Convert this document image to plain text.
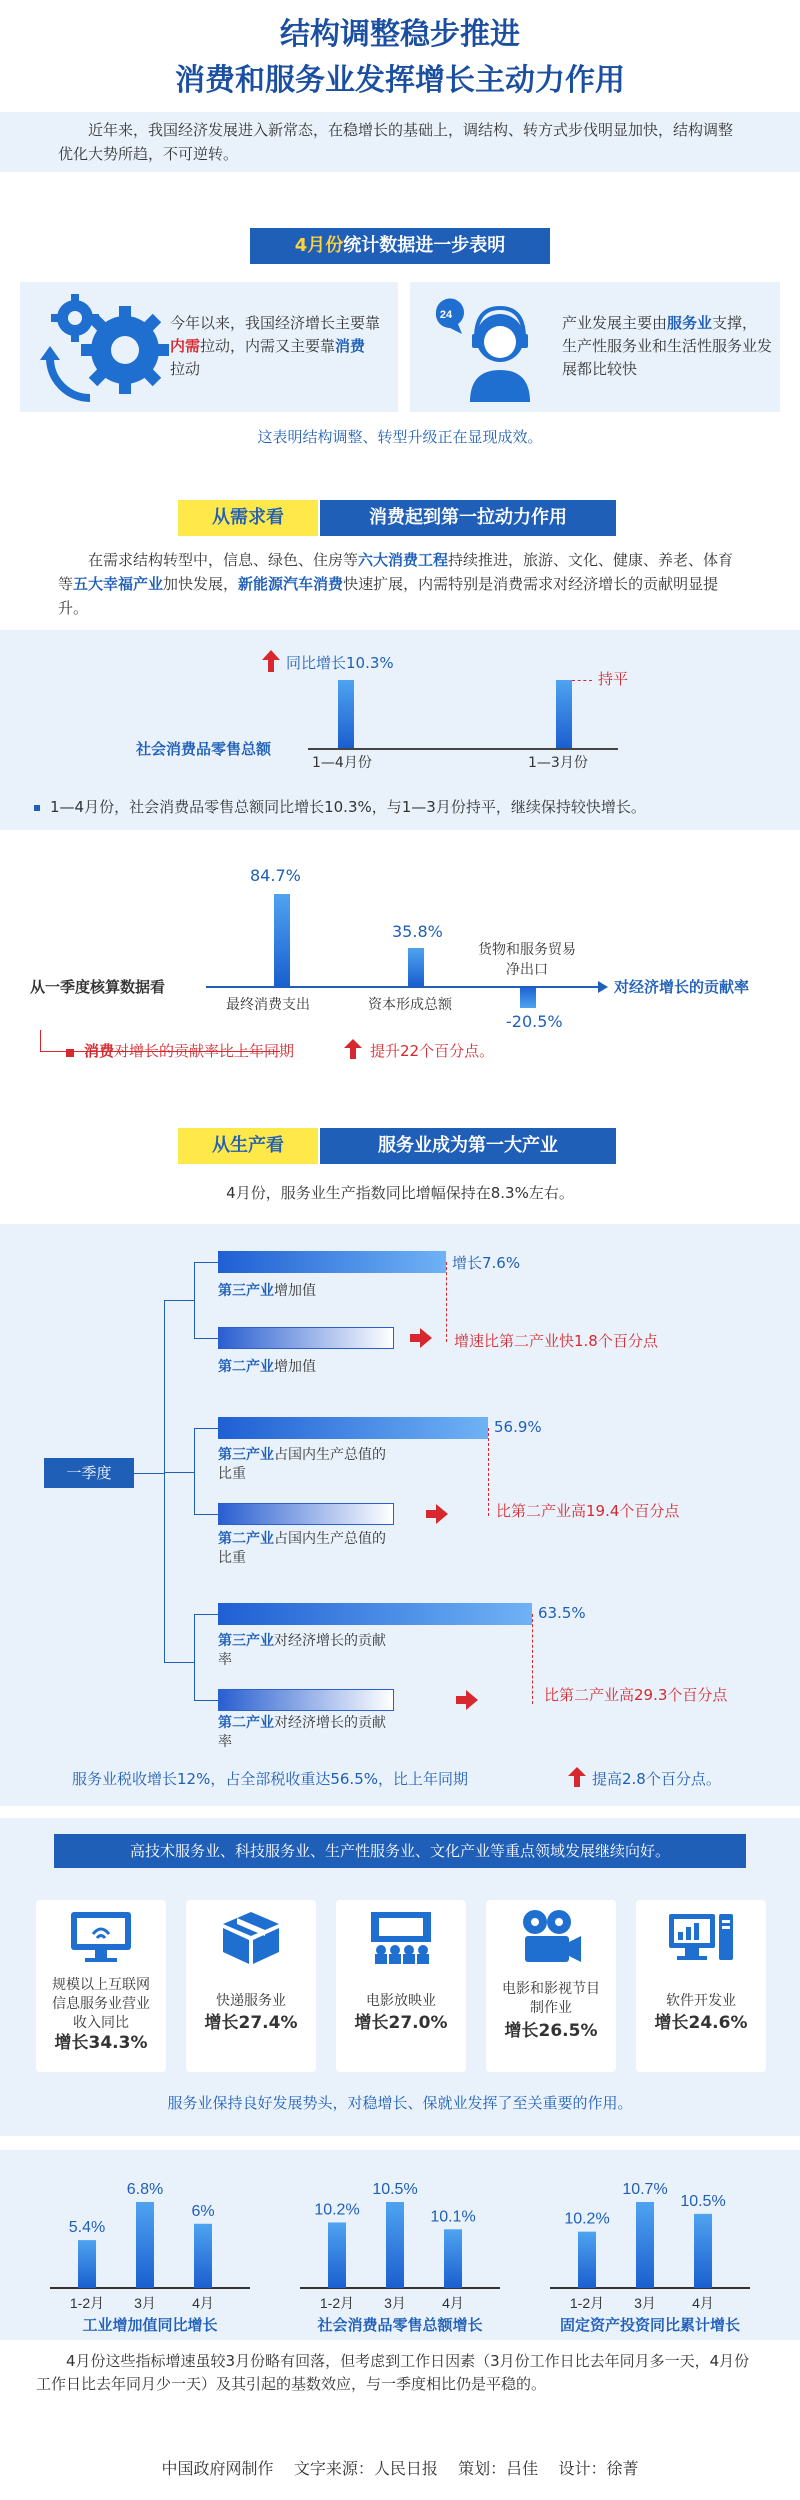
结构调整稳步推进
消费和服务业发挥增长主动力作用
近年来，我国经济发展进入新常态，在稳增长的基础上，调结构、转方式步伐明显加快，结构调整优化大势所趋，不可逆转。
4月份统计数据进一步表明
今年以来，我国经济增长主要靠内需拉动，内需又主要靠消费拉动
24	产业发展主要由服务业支撑，生产性服务业和生活性服务业发展都比较快
这表明结构调整、转型升级正在显现成效。
从需求看	消费起到第一拉动力作用
在需求结构转型中，信息、绿色、住房等六大消费工程持续推进，旅游、文化、健康、养老、体育等五大幸福产业加快发展，新能源汽车消费快速扩展，内需特别是消费需求对经济增长的贡献明显提升。
同比增长10.3%
持平
社会消费品零售总额
1—4月份	1—3月份
1—4月份，社会消费品零售总额同比增长10.3%，与1—3月份持平，继续保持较快增长。
84.7%
35.8%
货物和服务贸易净出口
-20.5%
从一季度核算数据看	对经济增长的贡献率
最终消费支出	资本形成总额
消费对增长的贡献率比上年同期	提升22个百分点。
从生产看	服务业成为第一大产业
4月份，服务业生产指数同比增幅保持在8.3%左右。
一季度
增长7.6%
第三产业增加值
增速比第二产业快1.8个百分点
第二产业增加值
56.9%
第三产业占国内生产总值的比重
比第二产业高19.4个百分点
第二产业占国内生产总值的比重
63.5%
第三产业对经济增长的贡献率
比第二产业高29.3个百分点
第二产业对经济增长的贡献率
服务业税收增长12%，占全部税收重达56.5%，比上年同期	提高2.8个百分点。
高技术服务业、科技服务业、生产性服务业、文化产业等重点领域发展继续向好。
规模以上互联网信息服务业营业收入同比
增长34.3%
快递服务业
增长27.4%
电影放映业
增长27.0%
电影和影视节目制作业
增长26.5%
软件开发业
增长24.6%
服务业保持良好发展势头，对稳增长、保就业发挥了至关重要的作用。
5.4%
1-2月
6.8%
3月
6%
4月
工业增加值同比增长
10.2%
1-2月
10.5%
3月
10.1%
4月
社会消费品零售总额增长
10.2%
1-2月
10.7%
3月
10.5%
4月
固定资产投资同比累计增长
4月份这些指标增速虽较3月份略有回落，但考虑到工作日因素（3月份工作日比去年同月多一天，4月份工作日比去年同月少一天）及其引起的基数效应，与一季度相比仍是平稳的。
中国政府网制作    文字来源：人民日报    策划：吕佳    设计：徐菁
